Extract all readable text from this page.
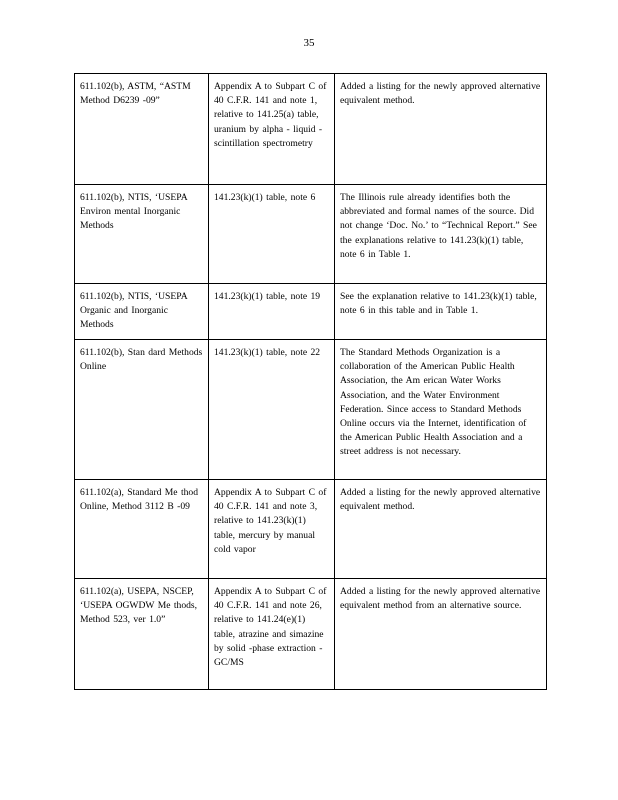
35
611.102(b), ASTM, “ASTM Method D6239 -09”	Appendix A to Subpart C of 40 C.F.R. 141 and note 1, relative to 141.25(a) table, uranium by alpha - liquid -scintillation spectrometry	Added a listing for the newly approved alternative equivalent method.
611.102(b), NTIS, ‘USEPA Environ mental Inorganic Methods	141.23(k)(1) table, note 6	The Illinois rule already identifies both the abbreviated and formal names of the source. Did not change ‘Doc. No.’ to “Technical Report.” See the explanations relative to 141.23(k)(1) table, note 6 in Table 1.
611.102(b), NTIS, ‘USEPA Organic and Inorganic Methods	141.23(k)(1) table, note 19	See the explanation relative to 141.23(k)(1) table, note 6 in this table and in Table 1.
611.102(b), Stan dard Methods Online	141.23(k)(1) table, note 22	The Standard Methods Organization is a collaboration of the American Public Health Association, the Am erican Water Works Association, and the Water Environment Federation. Since access to Standard Methods Online occurs via the Internet, identification of the American Public Health Association and a street address is not necessary.
611.102(a), Standard Me thod Online, Method 3112 B -09	Appendix A to Subpart C of 40 C.F.R. 141 and note 3, relative to 141.23(k)(1) table, mercury by manual cold vapor	Added a listing for the newly approved alternative equivalent method.
611.102(a), USEPA, NSCEP, ‘USEPA OGWDW Me thods, Method 523, ver 1.0”	Appendix A to Subpart C of 40 C.F.R. 141 and note 26, relative to 141.24(e)(1) table, atrazine and simazine by solid -phase extraction -GC/MS	Added a listing for the newly approved alternative equivalent method from an alternative source.
